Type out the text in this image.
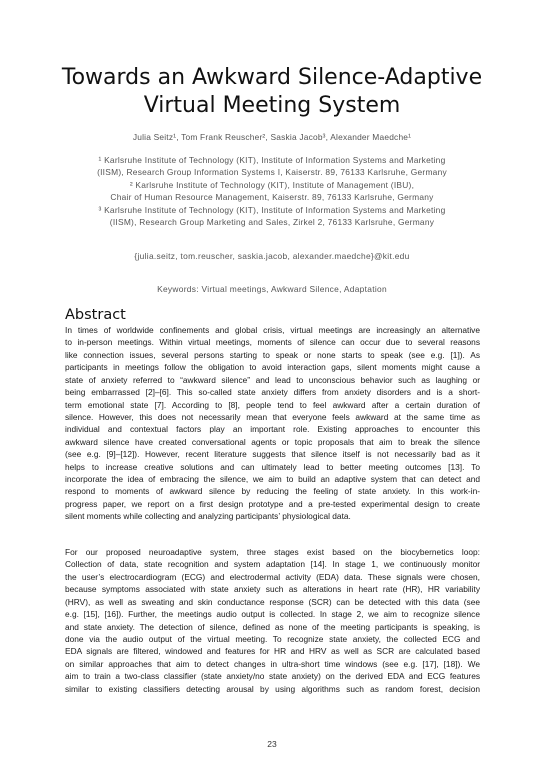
Towards an Awkward Silence-Adaptive
Virtual Meeting System
Julia Seitz¹, Tom Frank Reuscher², Saskia Jacob³, Alexander Maedche¹
¹ Karlsruhe Institute of Technology (KIT), Institute of Information Systems and Marketing
(IISM), Research Group Information Systems I, Kaiserstr. 89, 76133 Karlsruhe, Germany
² Karlsruhe Institute of Technology (KIT), Institute of Management (IBU),
Chair of Human Resource Management, Kaiserstr. 89, 76133 Karlsruhe, Germany
³ Karlsruhe Institute of Technology (KIT), Institute of Information Systems and Marketing
(IISM), Research Group Marketing and Sales, Zirkel 2, 76133 Karlsruhe, Germany
{julia.seitz, tom.reuscher, saskia.jacob, alexander.maedche}@kit.edu
Keywords: Virtual meetings, Awkward Silence, Adaptation
Abstract
In times of worldwide confinements and global crisis, virtual meetings are increasingly an alternative
to in-person meetings. Within virtual meetings, moments of silence can occur due to several reasons
like connection issues, several persons starting to speak or none starts to speak (see e.g. [1]). As
participants in meetings follow the obligation to avoid interaction gaps, silent moments might cause a
state of anxiety referred to “awkward silence” and lead to unconscious behavior such as laughing or
being embarrassed [2]–[6]. This so-called state anxiety differs from anxiety disorders and is a short-
term emotional state [7]. According to [8], people tend to feel awkward after a certain duration of
silence. However, this does not necessarily mean that everyone feels awkward at the same time as
individual and contextual factors play an important role. Existing approaches to encounter this
awkward silence have created conversational agents or topic proposals that aim to break the silence
(see e.g. [9]–[12]). However, recent literature suggests that silence itself is not necessarily bad as it
helps to increase creative solutions and can ultimately lead to better meeting outcomes [13]. To
incorporate the idea of embracing the silence, we aim to build an adaptive system that can detect and
respond to moments of awkward silence by reducing the feeling of state anxiety. In this work-in-
progress paper, we report on a first design prototype and a pre-tested experimental design to create
silent moments while collecting and analyzing participants’ physiological data.
For our proposed neuroadaptive system, three stages exist based on the biocybernetics loop:
Collection of data, state recognition and system adaptation [14]. In stage 1, we continuously monitor
the user’s electrocardiogram (ECG) and electrodermal activity (EDA) data. These signals were chosen,
because symptoms associated with state anxiety such as alterations in heart rate (HR), HR variability
(HRV), as well as sweating and skin conductance response (SCR) can be detected with this data (see
e.g. [15], [16]). Further, the meetings audio output is collected. In stage 2, we aim to recognize silence
and state anxiety. The detection of silence, defined as none of the meeting participants is speaking, is
done via the audio output of the virtual meeting. To recognize state anxiety, the collected ECG and
EDA signals are filtered, windowed and features for HR and HRV as well as SCR are calculated based
on similar approaches that aim to detect changes in ultra-short time windows (see e.g. [17], [18]). We
aim to train a two-class classifier (state anxiety/no state anxiety) on the derived EDA and ECG features
similar to existing classifiers detecting arousal by using algorithms such as random forest, decision
23
